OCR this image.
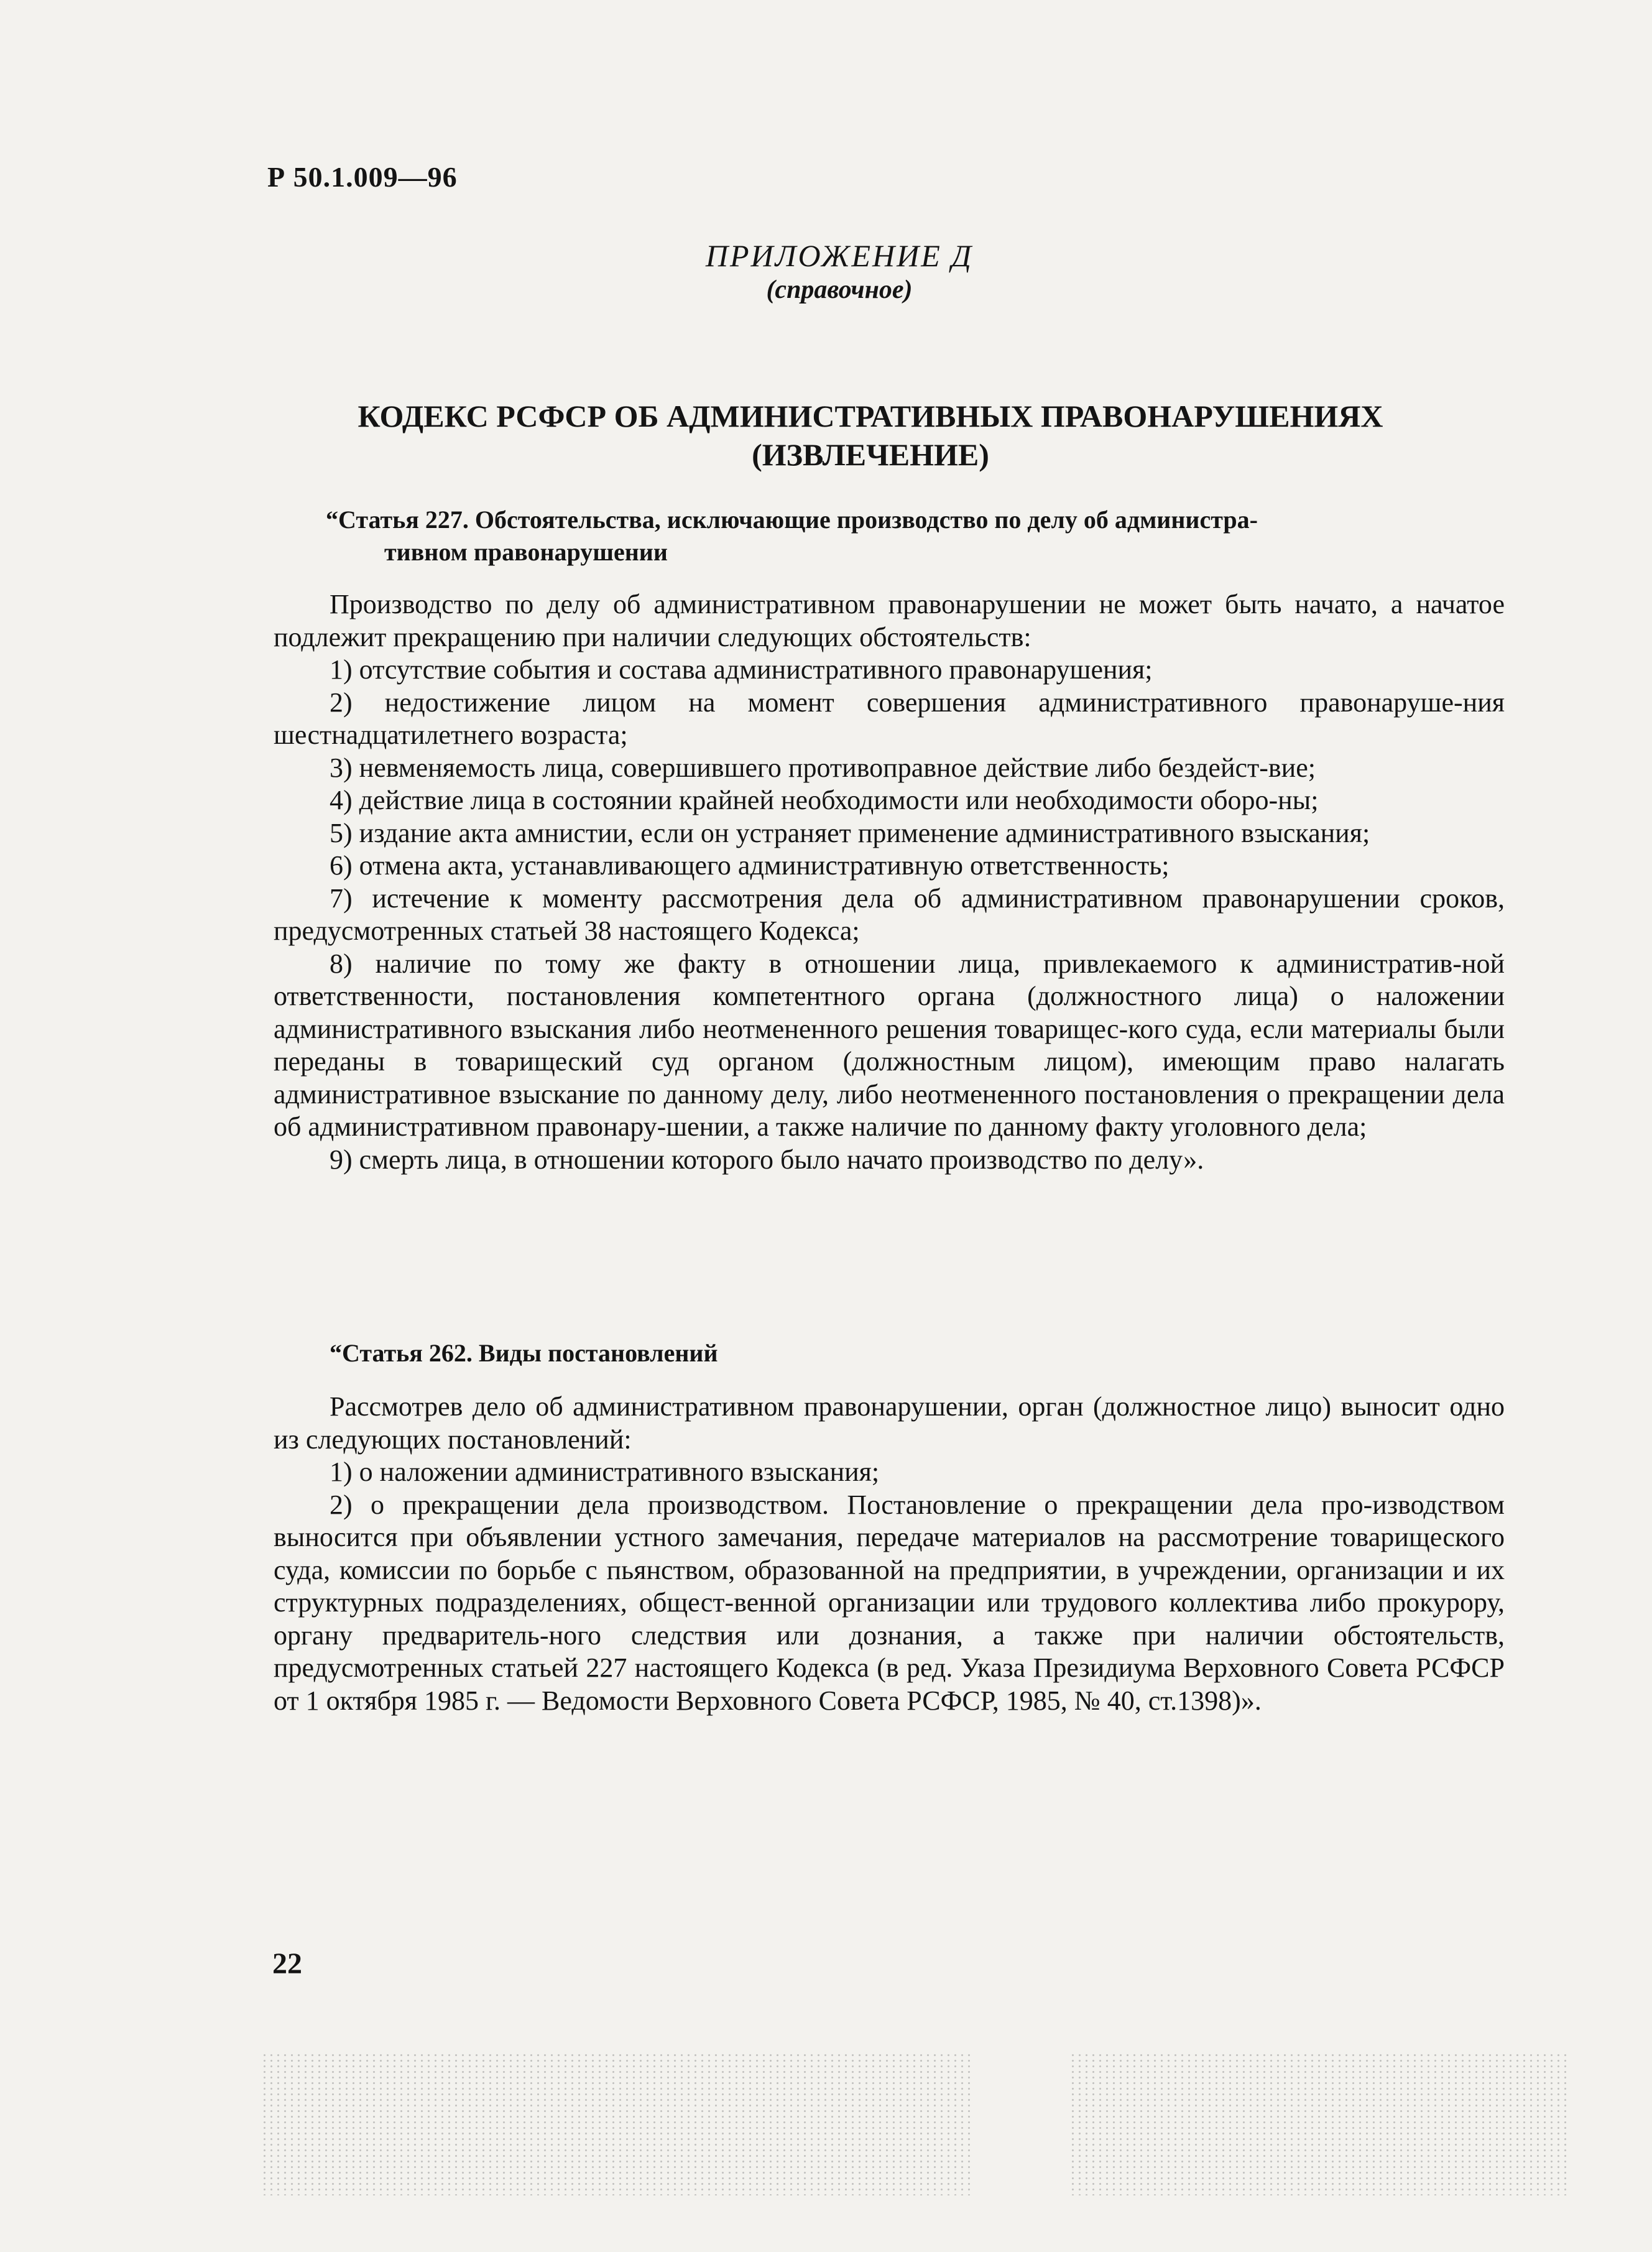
Р 50.1.009—96
ПРИЛОЖЕНИЕ Д
(справочное)
КОДЕКС РСФСР ОБ АДМИНИСТРАТИВНЫХ ПРАВОНАРУШЕНИЯХ
(ИЗВЛЕЧЕНИЕ)
“Статья 227. Обстоятельства, исключающие производство по делу об администра-
тивном правонарушении

Производство по делу об административном правонарушении не может быть начато, а начатое подлежит прекращению при наличии следующих обстоятельств:

1) отсутствие события и состава административного правонарушения;

2) недостижение лицом на момент совершения административного правонаруше-ния шестнадцатилетнего возраста;

3) невменяемость лица, совершившего противоправное действие либо бездейст-вие;

4) действие лица в состоянии крайней необходимости или необходимости оборо-ны;

5) издание акта амнистии, если он устраняет применение административного взыскания;

6) отмена акта, устанавливающего административную ответственность;

7) истечение к моменту рассмотрения дела об административном правонарушении сроков, предусмотренных статьей 38 настоящего Кодекса;

8) наличие по тому же факту в отношении лица, привлекаемого к административ-ной ответственности, постановления компетентного органа (должностного лица) о наложении административного взыскания либо неотмененного решения товарищес-кого суда, если материалы были переданы в товарищеский суд органом (должностным лицом), имеющим право налагать административное взыскание по данному делу, либо неотмененного постановления о прекращении дела об административном правонару-шении, а также наличие по данному факту уголовного дела;

9) смерть лица, в отношении которого было начато производство по делу».

“Статья 262. Виды постановлений

Рассмотрев дело об административном правонарушении, орган (должностное лицо) выносит одно из следующих постановлений:

1) о наложении административного взыскания;

2) о прекращении дела производством. Постановление о прекращении дела про-изводством выносится при объявлении устного замечания, передаче материалов на рассмотрение товарищеского суда, комиссии по борьбе с пьянством, образованной на предприятии, в учреждении, организации и их структурных подразделениях, общест-венной организации или трудового коллектива либо прокурору, органу предваритель-ного следствия или дознания, а также при наличии обстоятельств, предусмотренных статьей 227 настоящего Кодекса (в ред. Указа Президиума Верховного Совета РСФСР от 1 октября 1985 г. — Ведомости Верховного Совета РСФСР, 1985, № 40, ст.1398)».

22
